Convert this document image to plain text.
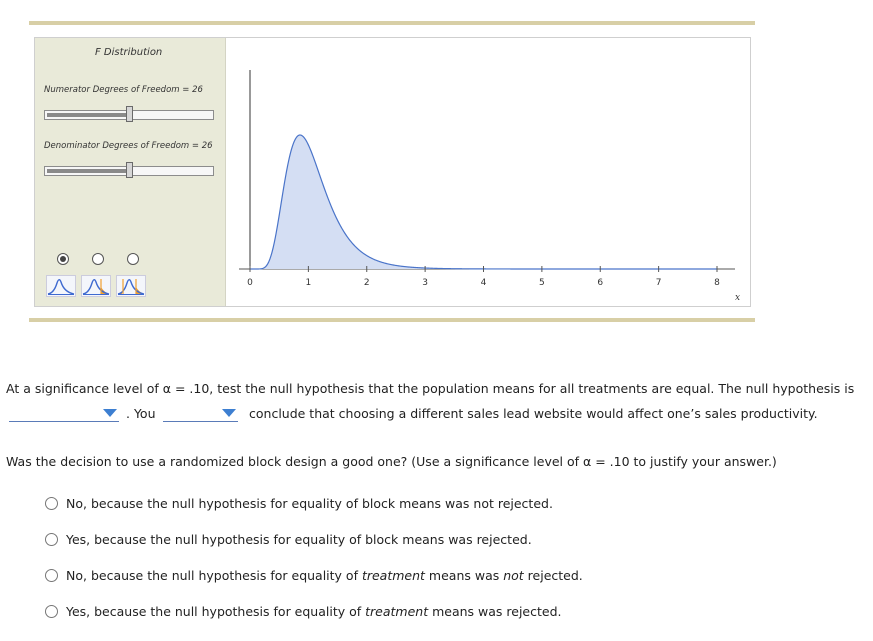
F Distribution
Numerator Degrees of Freedom = 26
Denominator Degrees of Freedom = 26
0	1	2	3	4	5	6	7	8
x
At a significance level of α = .10, test the null hypothesis that the population means for all treatments are equal. The null hypothesis is
. You	conclude that choosing a different sales lead website would affect one’s sales productivity.
Was the decision to use a randomized block design a good one? (Use a significance level of α = .10 to justify your answer.)
No, because the null hypothesis for equality of block means was not rejected.
Yes, because the null hypothesis for equality of block means was rejected.
No, because the null hypothesis for equality of treatment means was not rejected.
Yes, because the null hypothesis for equality of treatment means was rejected.
